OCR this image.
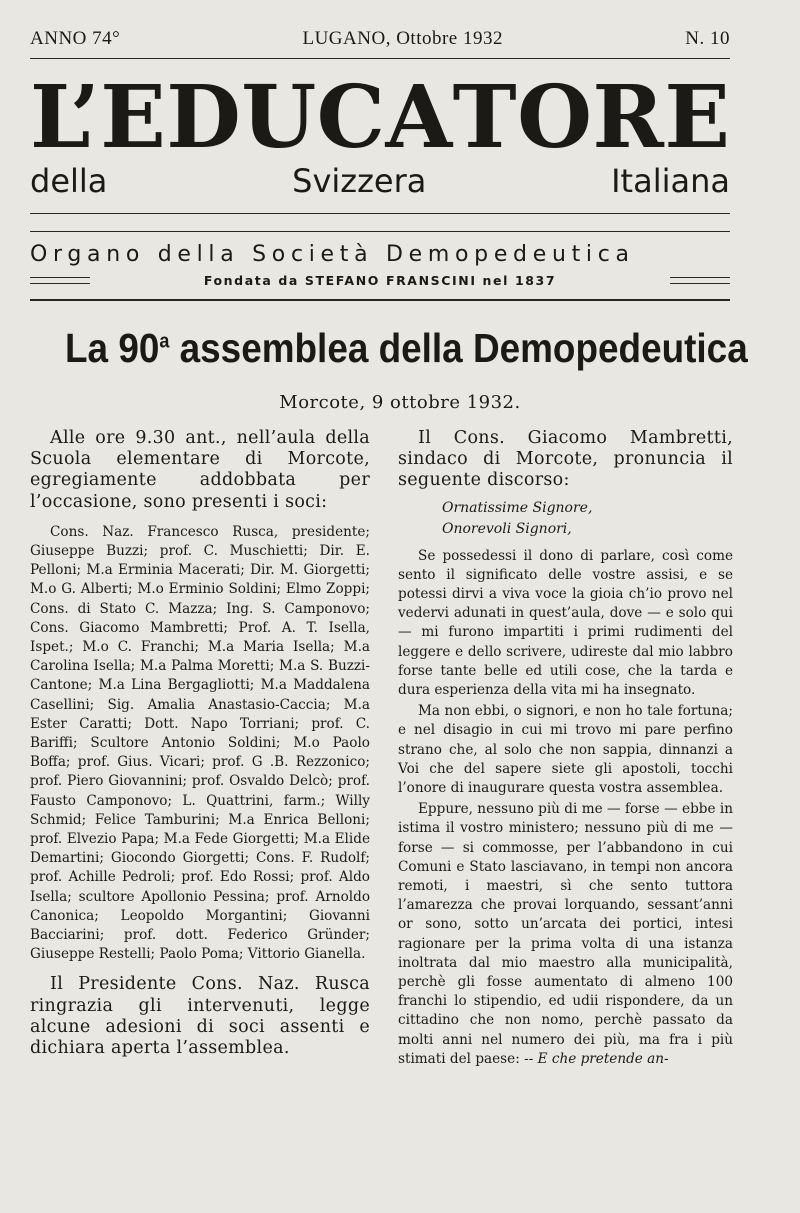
ANNO 74°	LUGANO, Ottobre 1932	N. 10
L’ E D U C A T O R E
della	Svizzera	Italiana
Organo della Società Demopedeutica
Fondata da STEFANO FRANSCINI nel 1837
La 90$^a$ assemblea della Demopedeutica
Morcote, 9 ottobre 1932.

Alle ore 9.30 ant., nell’aula della Scuola elementare di Morcote, egregiamente addobbata per l’occasione, sono presenti i soci:

Cons. Naz. Francesco Rusca, presidente; Giuseppe Buzzi; prof. C. Muschietti; Dir. E. Pelloni; M.a Erminia Macerati; Dir. M. Giorgetti; M.o G. Alberti; M.o Erminio Soldini; Elmo Zoppi; Cons. di Stato C. Mazza; Ing. S. Camponovo; Cons. Giacomo Mambretti; Prof. A. T. Isella, Ispet.; M.o C. Franchi; M.a Maria Isella; M.a Carolina Isella; M.a Palma Moretti; M.a S. Buzzi-Cantone; M.a Lina Bergagliotti; M.a Maddalena Casellini; Sig. Amalia Anastasio-Caccia; M.a Ester Caratti; Dott. Napo Torriani; prof. C. Bariffi; Scultore Antonio Soldini; M.o Paolo Boffa; prof. Gius. Vicari; prof. G .B. Rezzonico; prof. Piero Giovannini; prof. Osvaldo Delcò; prof. Fausto Camponovo; L. Quattrini, farm.; Willy Schmid; Felice Tamburini; M.a Enrica Belloni; prof. Elvezio Papa; M.a Fede Giorgetti; M.a Elide Demartini; Giocondo Giorgetti; Cons. F. Rudolf; prof. Achille Pedroli; prof. Edo Rossi; prof. Aldo Isella; scultore Apollonio Pessina; prof. Arnoldo Canonica; Leopoldo Morgantini; Giovanni Bacciarini; prof. dott. Federico Gründer; Giuseppe Restelli; Paolo Poma; Vittorio Gianella.

Il Presidente Cons. Naz. Rusca ringrazia gli intervenuti, legge alcune adesioni di soci assenti e dichiara aperta l’assemblea.

Il Cons. Giacomo Mambretti, sindaco di Morcote, pronuncia il seguente discorso:

Ornatissime Signore,
Onorevoli Signori,

Se possedessi il dono di parlare, così come sento il significato delle vostre assisi, e se potessi dirvi a viva voce la gioia ch’io provo nel vedervi adunati in quest’aula, dove — e solo qui — mi furono impartiti i primi rudimenti del leggere e dello scrivere, udireste dal mio labbro forse tante belle ed utili cose, che la tarda e dura esperienza della vita mi ha insegnato.

Ma non ebbi, o signori, e non ho tale fortuna; e nel disagio in cui mi trovo mi pare perfino strano che, al solo che non sappia, dinnanzi a Voi che del sapere siete gli apostoli, tocchi l’onore di inaugurare questa vostra assemblea.

Eppure, nessuno più di me — forse — ebbe in istima il vostro ministero; nessuno più di me — forse — si commosse, per l’abbandono in cui Comuni e Stato lasciavano, in tempi non ancora remoti, i maestri, sì che sento tuttora l’amarezza che provai lorquando, sessant’anni or sono, sotto un’arcata dei portici, intesi ragionare per la prima volta di una istanza inoltrata dal mio maestro alla municipalità, perchè gli fosse aumentato di almeno 100 franchi lo stipendio, ed udii rispondere, da un cittadino che non nomo, perchè passato da molti anni nel numero dei più, ma fra i più stimati del paese: -- E che pretende an-
